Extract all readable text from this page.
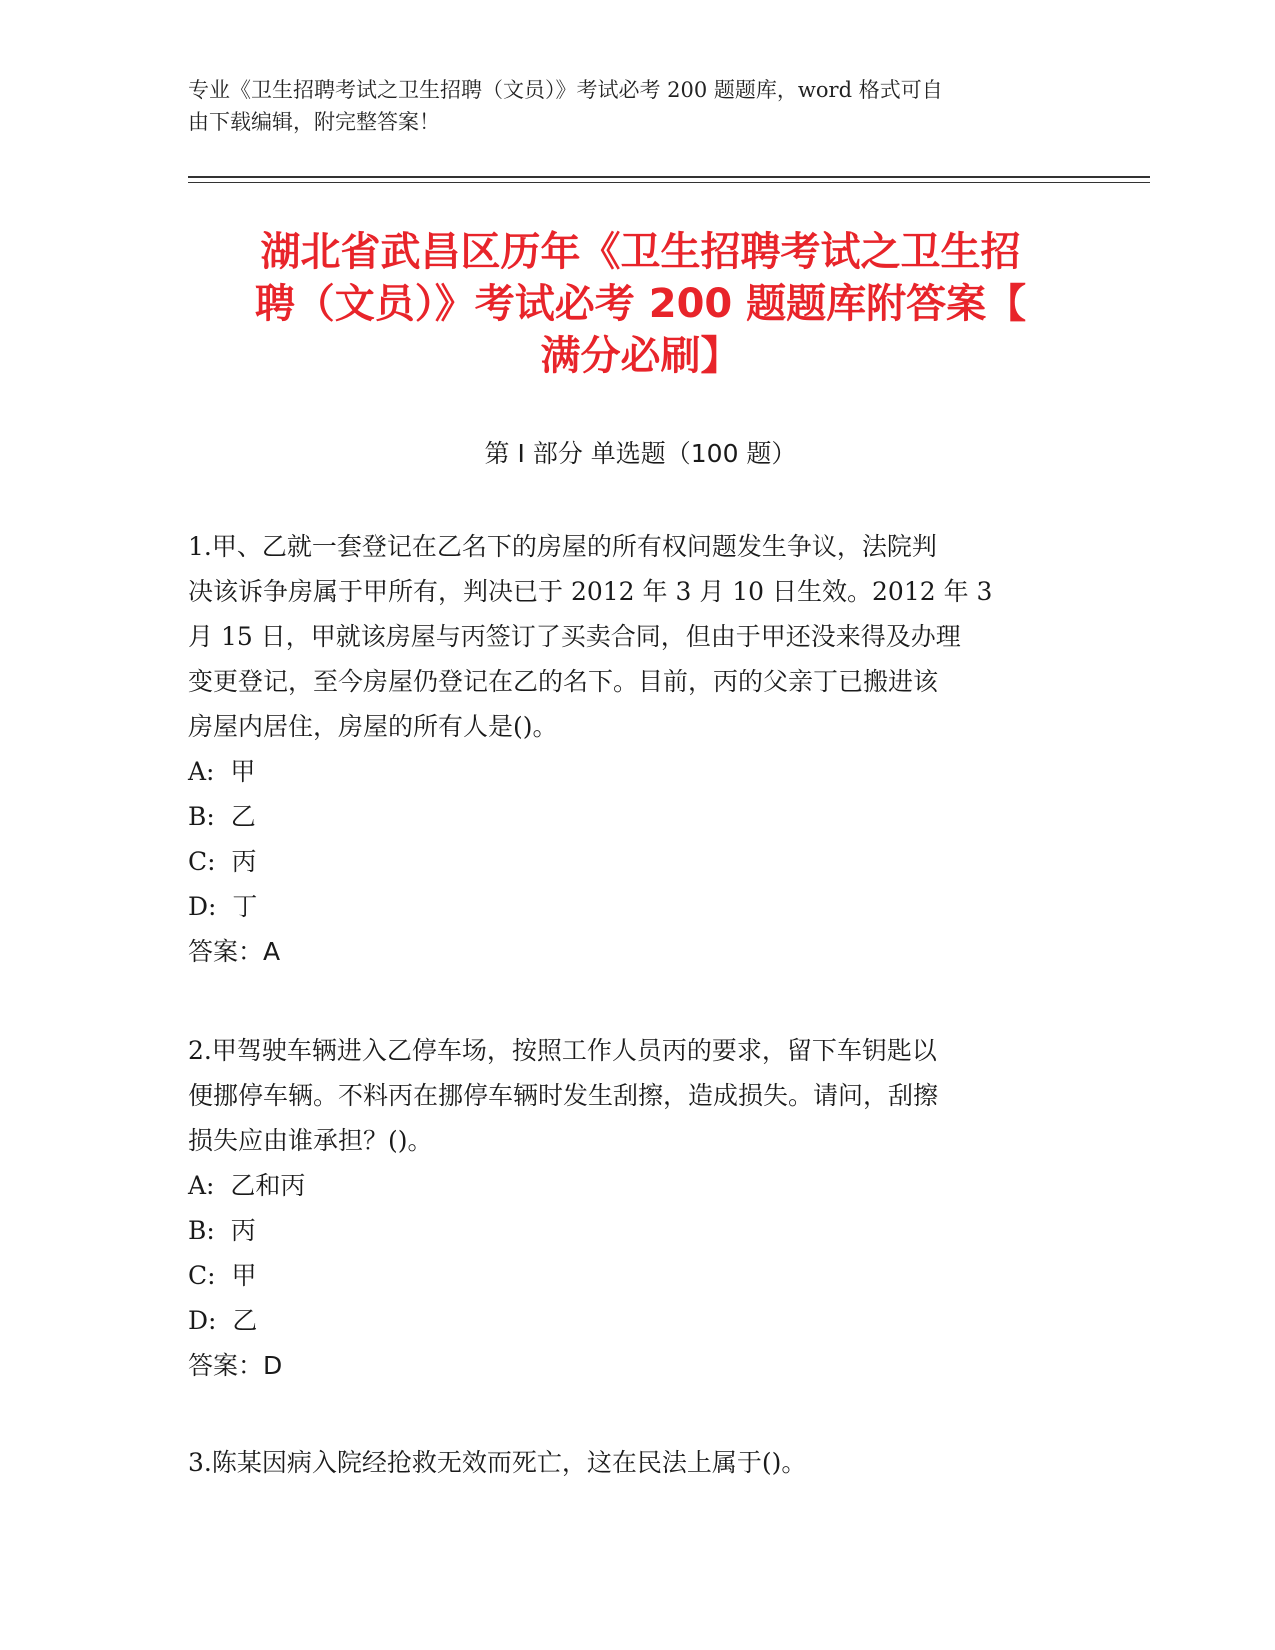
专业《卫生招聘考试之卫生招聘（文员）》考试必考 200 题题库，word 格式可自
由下载编辑，附完整答案！
湖北省武昌区历年《卫生招聘考试之卫生招
聘（文员）》考试必考 200 题题库附答案【
满分必刷】
第 I 部分 单选题（100 题）

1.甲、乙就一套登记在乙名下的房屋的所有权问题发生争议，法院判

决该诉争房属于甲所有，判决已于 2012 年 3 月 10 日生效。2012 年 3

月 15 日，甲就该房屋与丙签订了买卖合同，但由于甲还没来得及办理

变更登记，至今房屋仍登记在乙的名下。目前，丙的父亲丁已搬进该

房屋内居住，房屋的所有人是()。

A:  甲

B:  乙

C:  丙

D:  丁

答案：A

2.甲驾驶车辆进入乙停车场，按照工作人员丙的要求，留下车钥匙以

便挪停车辆。不料丙在挪停车辆时发生刮擦，造成损失。请问，刮擦

损失应由谁承担？()。

A:  乙和丙

B:  丙

C:  甲

D:  乙

答案：D

3.陈某因病入院经抢救无效而死亡，这在民法上属于()。
